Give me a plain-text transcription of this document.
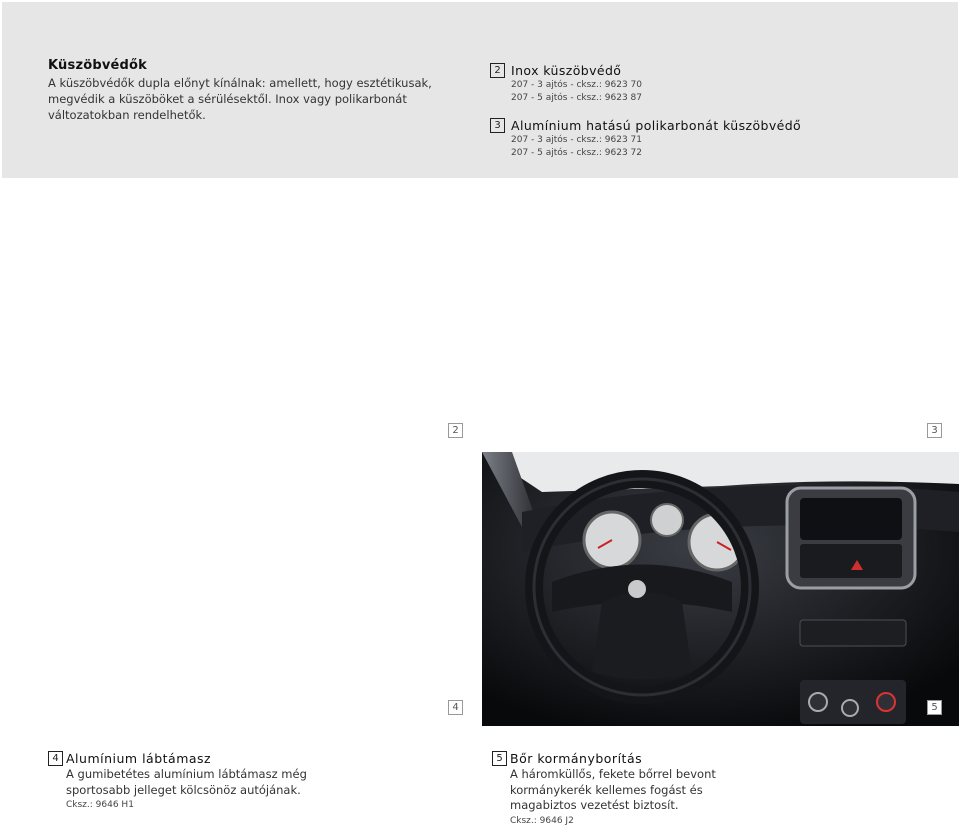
Küszöbvédők
A küszöbvédők dupla előnyt kínálnak: amellett, hogy esztétikusak, megvédik a küszöböket a sérülésektől. Inox vagy polikarbonát változatokban rendelhetők.
2 Inox küszöbvédő
207 - 3 ajtós - cksz.: 9623 70
207 - 5 ajtós - cksz.: 9623 87
3 Alumínium hatású polikarbonát küszöbvédő
207 - 3 ajtós - cksz.: 9623 71
207 - 5 ajtós - cksz.: 9623 72
2	3
4	5
4 Alumínium lábtámasz
A gumibetétes alumínium lábtámasz még sportosabb jelleget kölcsönöz autójának.
Cksz.: 9646 H1
5 Bőr kormányborítás
A háromküllős, fekete bőrrel bevont kormánykerék kellemes fogást és magabiztos vezetést biztosít.
Cksz.: 9646 J2
